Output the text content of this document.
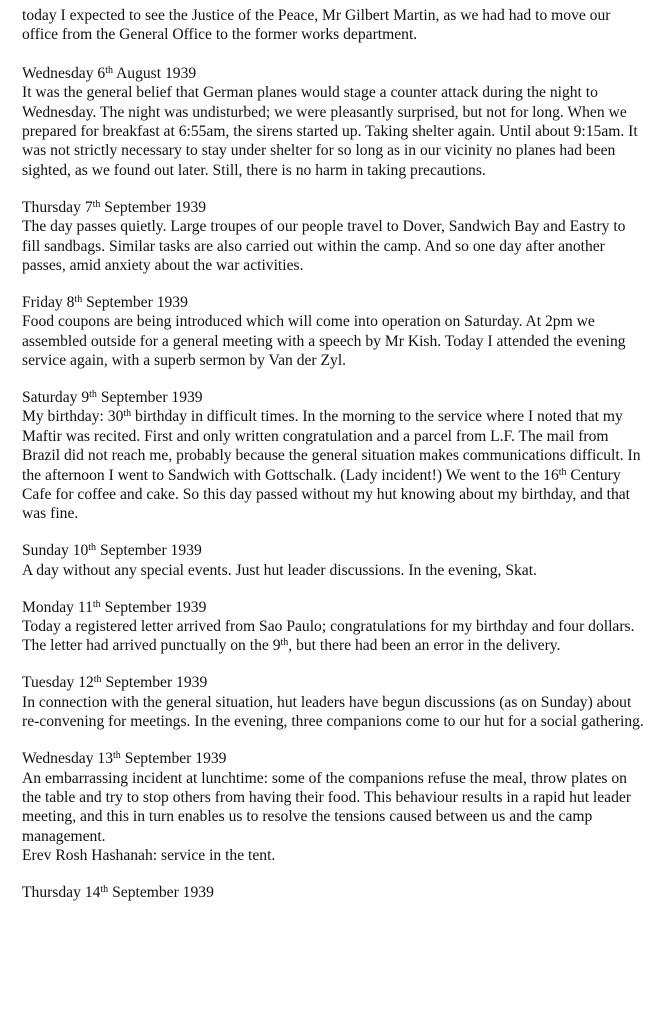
today I expected to see the Justice of the Peace, Mr Gilbert Martin, as we had had to move our office from the General Office to the former works department.

Wednesday 6th August 1939

It was the general belief that German planes would stage a counter attack during the night to Wednesday. The night was undisturbed; we were pleasantly surprised, but not for long. When we prepared for breakfast at 6:55am, the sirens started up. Taking shelter again. Until about 9:15am. It was not strictly necessary to stay under shelter for so long as in our vicinity no planes had been sighted, as we found out later. Still, there is no harm in taking precautions.

Thursday 7th September 1939

The day passes quietly. Large troupes of our people travel to Dover, Sandwich Bay and Eastry to fill sandbags. Similar tasks are also carried out within the camp. And so one day after another passes, amid anxiety about the war activities.

Friday 8th September 1939

Food coupons are being introduced which will come into operation on Saturday. At 2pm we assembled outside for a general meeting with a speech by Mr Kish. Today I attended the evening service again, with a superb sermon by Van der Zyl.

Saturday 9th September 1939

My birthday: 30th birthday in difficult times. In the morning to the service where I noted that my Maftir was recited. First and only written congratulation and a parcel from L.F. The mail from Brazil did not reach me, probably because the general situation makes communications difficult. In the afternoon I went to Sandwich with Gottschalk. (Lady incident!) We went to the 16th Century Cafe for coffee and cake. So this day passed without my hut knowing about my birthday, and that was fine.

Sunday 10th September 1939

A day without any special events. Just hut leader discussions. In the evening, Skat.

Monday 11th September 1939

Today a registered letter arrived from Sao Paulo; congratulations for my birthday and four dollars. The letter had arrived punctually on the 9th, but there had been an error in the delivery.

Tuesday 12th September 1939

In connection with the general situation, hut leaders have begun discussions (as on Sunday) about re-convening for meetings. In the evening, three companions come to our hut for a social gathering.

Wednesday 13th September 1939

An embarrassing incident at lunchtime: some of the companions refuse the meal, throw plates on the table and try to stop others from having their food. This behaviour results in a rapid hut leader meeting, and this in turn enables us to resolve the tensions caused between us and the camp management.

Erev Rosh Hashanah: service in the tent.

Thursday 14th September 1939
